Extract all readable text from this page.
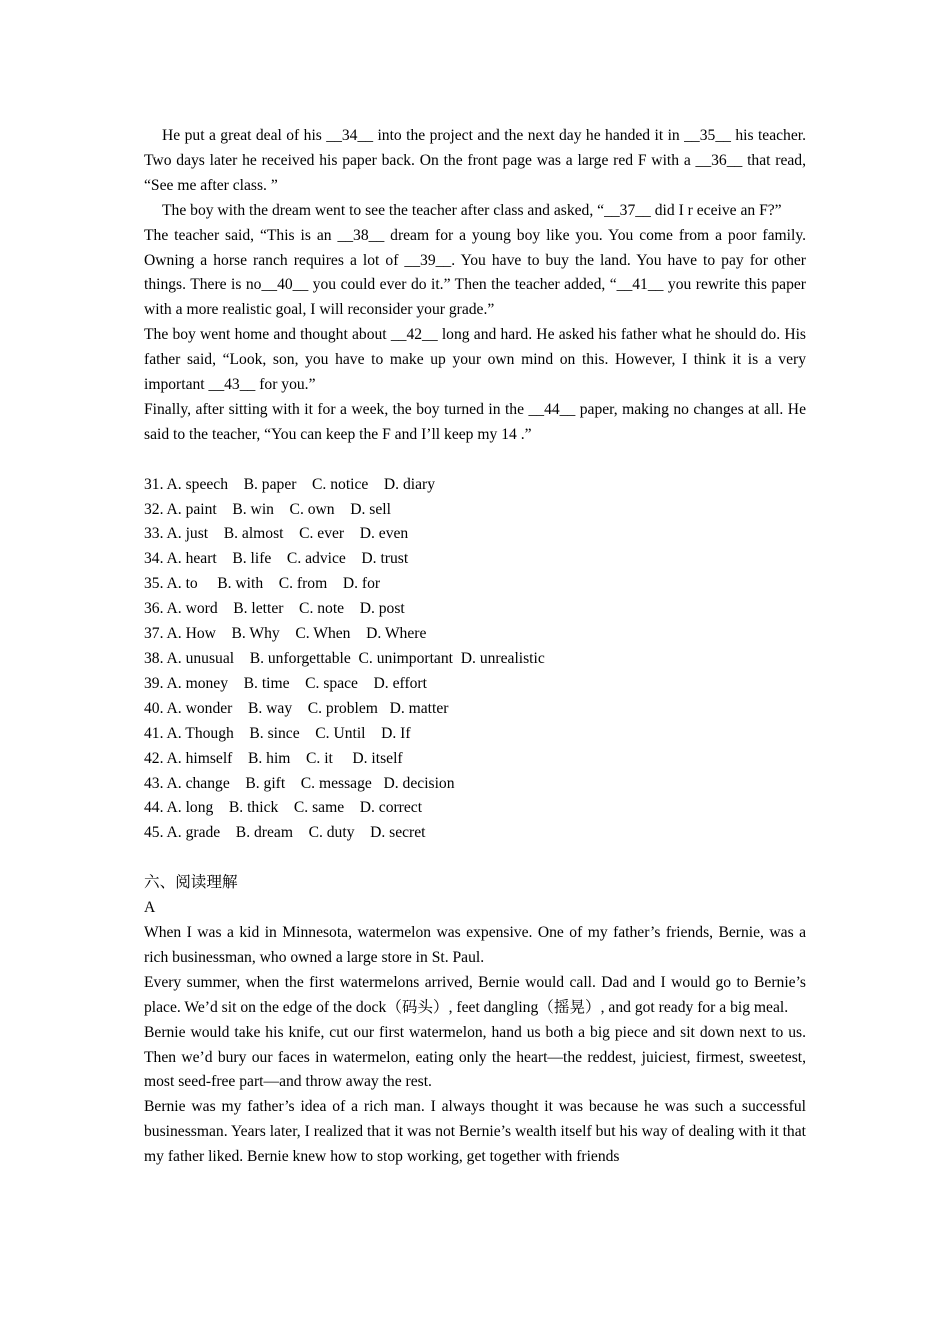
He put a great deal of his __34__ into the project and the next day he handed it in __35__ his teacher. Two days later he received his paper back. On the front page was a large red F with a __36__ that read, “See me after class. ”

The boy with the dream went to see the teacher after class and asked, “__37__ did I r eceive an F?”

The teacher said, “This is an __38__ dream for a young boy like you. You come from a poor family. Owning a horse ranch requires a lot of __39__. You have to buy the land. You have to pay for other things. There is no__40__ you could ever do it.” Then the teacher added, “__41__ you rewrite this paper with a more realistic goal, I will reconsider your grade.”

The boy went home and thought about __42__ long and hard. He asked his father what he should do. His father said, “Look, son, you have to make up your own mind on this. However, I think it is a very important __43__ for you.”

Finally, after sitting with it for a week, the boy turned in the __44__ paper, making no changes at all. He said to the teacher, “You can keep the F and I’ll keep my 14 .”

31. A. speech    B. paper    C. notice    D. diary

32. A. paint    B. win    C. own    D. sell

33. A. just    B. almost    C. ever    D. even

34. A. heart    B. life    C. advice    D. trust

35. A. to     B. with    C. from    D. for

36. A. word    B. letter    C. note    D. post

37. A. How    B. Why    C. When    D. Where

38. A. unusual    B. unforgettable  C. unimportant  D. unrealistic

39. A. money    B. time    C. space    D. effort

40. A. wonder    B. way    C. problem   D. matter

41. A. Though    B. since    C. Until    D. If

42. A. himself    B. him    C. it     D. itself

43. A. change    B. gift    C. message   D. decision

44. A. long    B. thick    C. same    D. correct

45. A. grade    B. dream    C. duty    D. secret

六、阅读理解

A

When I was a kid in Minnesota, watermelon was expensive. One of my father’s friends, Bernie, was a rich businessman, who owned a large store in St. Paul.

Every summer, when the first watermelons arrived, Bernie would call. Dad and I would go to Bernie’s place. We’d sit on the edge of the dock（码头）, feet dangling（摇晃）, and got ready for a big meal.

Bernie would take his knife, cut our first watermelon, hand us both a big piece and sit down next to us. Then we’d bury our faces in watermelon, eating only the heart—the reddest, juiciest, firmest, sweetest, most seed-free part—and throw away the rest.

Bernie was my father’s idea of a rich man. I always thought it was because he was such a successful businessman. Years later, I realized that it was not Bernie’s wealth itself but his way of dealing with it that my father liked. Bernie knew how to stop working, get together with friends
